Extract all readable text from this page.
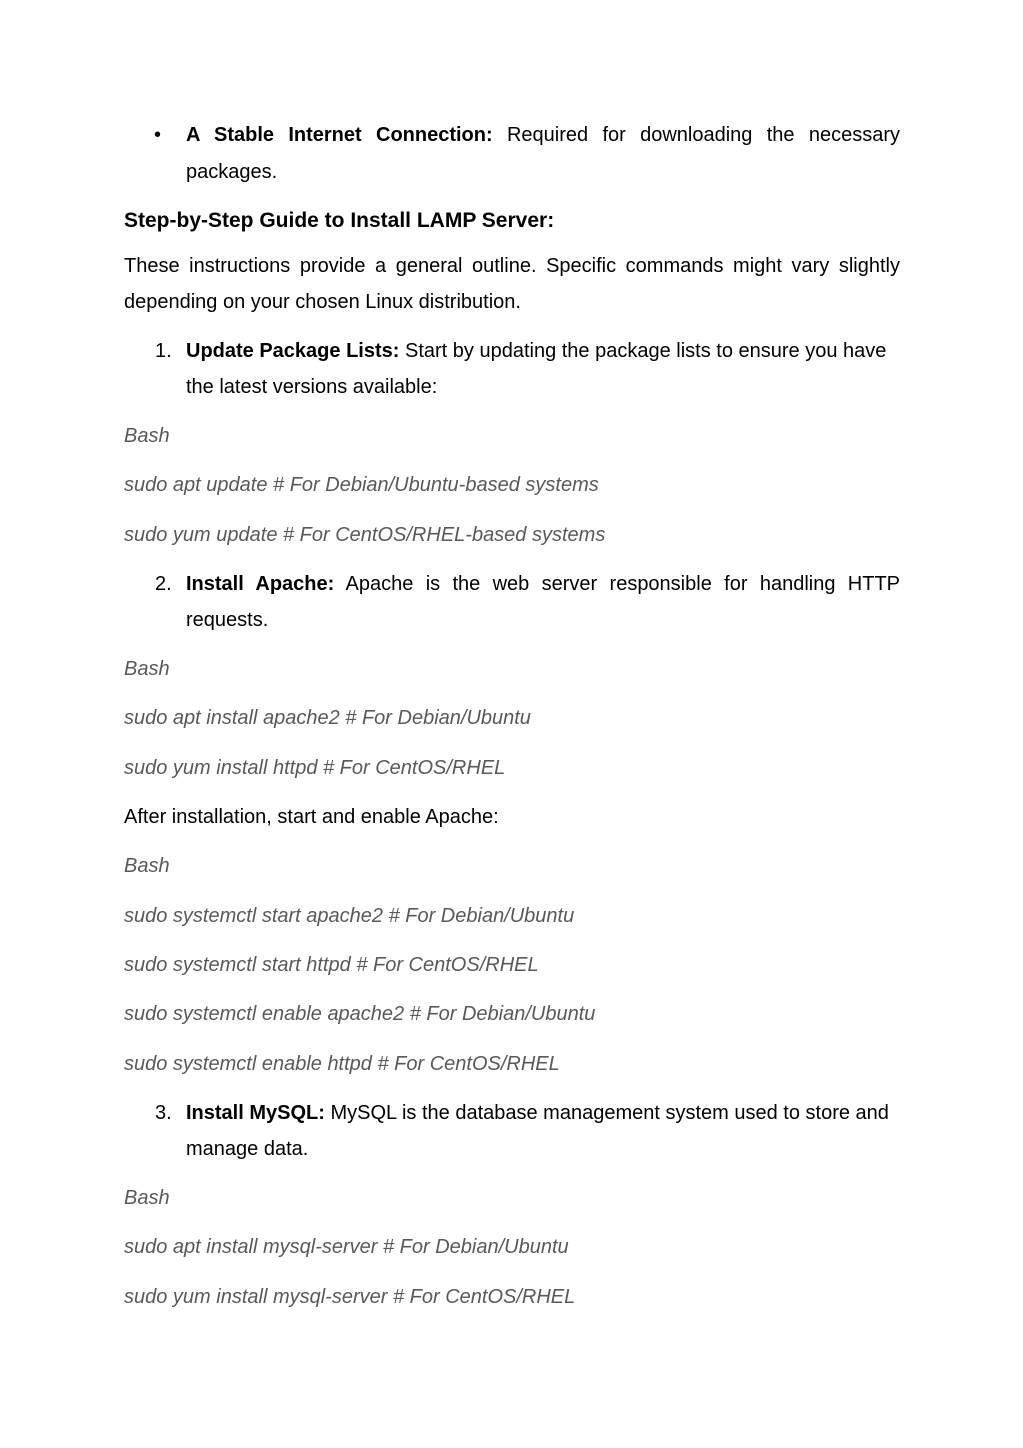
• A Stable Internet Connection: Required for downloading the necessary
packages.
Step-by-Step Guide to Install LAMP Server:
These instructions provide a general outline. Specific commands might vary slightly
depending on your chosen Linux distribution.
1. Update Package Lists: Start by updating the package lists to ensure you have
the latest versions available:
Bash
sudo apt update # For Debian/Ubuntu-based systems
sudo yum update # For CentOS/RHEL-based systems
2. Install Apache: Apache is the web server responsible for handling HTTP
requests.
Bash
sudo apt install apache2 # For Debian/Ubuntu
sudo yum install httpd # For CentOS/RHEL
After installation, start and enable Apache:
Bash
sudo systemctl start apache2 # For Debian/Ubuntu
sudo systemctl start httpd # For CentOS/RHEL
sudo systemctl enable apache2 # For Debian/Ubuntu
sudo systemctl enable httpd # For CentOS/RHEL
3. Install MySQL: MySQL is the database management system used to store and
manage data.
Bash
sudo apt install mysql-server # For Debian/Ubuntu
sudo yum install mysql-server # For CentOS/RHEL
